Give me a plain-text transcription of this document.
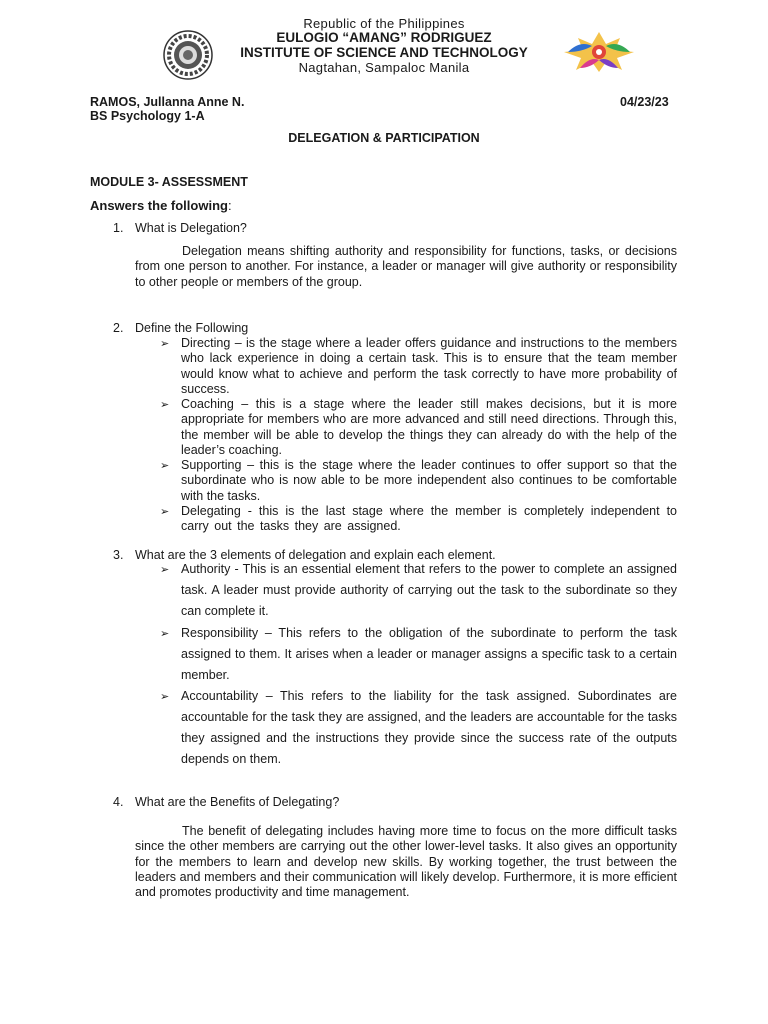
Republic of the Philippines
EULOGIO “AMANG” RODRIGUEZ
INSTITUTE OF SCIENCE AND TECHNOLOGY
Nagtahan, Sampaloc Manila
RAMOS, Jullanna Anne N.
BS Psychology 1-A
04/23/23
DELEGATION & PARTICIPATION
MODULE 3- ASSESSMENT
Answers the following:
1. What is Delegation?
Delegation means shifting authority and responsibility for functions, tasks, or decisions from one person to another. For instance, a leader or manager will give authority or responsibility to other people or members of the group.
2. Define the Following
➢ Directing – is the stage where a leader offers guidance and instructions to the members who lack experience in doing a certain task. This is to ensure that the team member would know what to achieve and perform the task correctly to have more probability of success.
➢ Coaching – this is a stage where the leader still makes decisions, but it is more appropriate for members who are more advanced and still need directions. Through this, the member will be able to develop the things they can already do with the help of the leader’s coaching.
➢ Supporting – this is the stage where the leader continues to offer support so that the subordinate who is now able to be more independent also continues to be comfortable with the tasks.
➢ Delegating - this is the last stage where the member is completely independent to carry out the tasks they are assigned.
3. What are the 3 elements of delegation and explain each element.
➢ Authority - This is an essential element that refers to the power to complete an assigned task. A leader must provide authority of carrying out the task to the subordinate so they can complete it.
➢ Responsibility – This refers to the obligation of the subordinate to perform the task assigned to them. It arises when a leader or manager assigns a specific task to a certain member.
➢ Accountability – This refers to the liability for the task assigned. Subordinates are accountable for the task they are assigned, and the leaders are accountable for the tasks they assigned and the instructions they provide since the success rate of the outputs depends on them.
4. What are the Benefits of Delegating?
The benefit of delegating includes having more time to focus on the more difficult tasks since the other members are carrying out the other lower-level tasks. It also gives an opportunity for the members to learn and develop new skills. By working together, the trust between the leaders and members and their communication will likely develop. Furthermore, it is more efficient and promotes productivity and time management.
